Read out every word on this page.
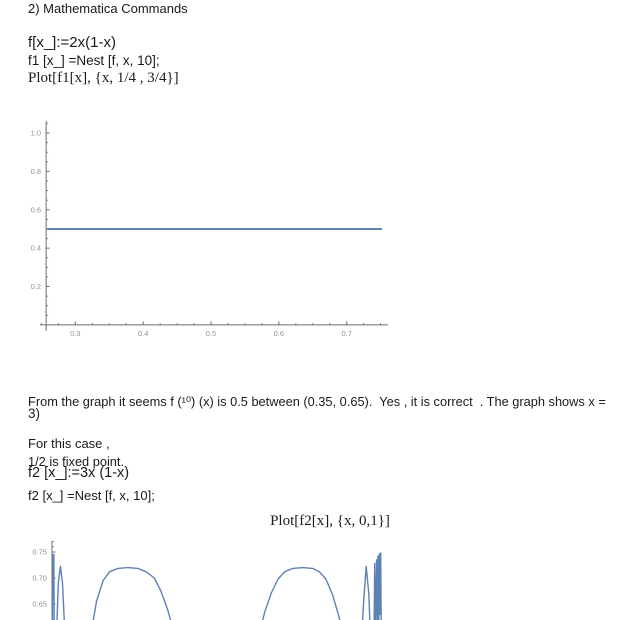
2) Mathematica Commands
f[x_]:=2x(1-x)
f1 [x_] =Nest [f, x, 10];
Plot[f1[x], {x, 1/4 , 3/4}]
0.3	0.4	0.5	0.6	0.7
0.2
0.4
0.6
0.8
1.0

From the graph it seems f (¹⁰) (x) is 0.5 between (0.35, 0.65).  Yes , it is correct  . The graph shows x =

1/2 is fixed point.

3)
For this case ,
f2 [x_]:=3x (1-x)
f2 [x_] =Nest [f, x, 10];
Plot[f2[x], {x, 0,1}]
0.65
0.70
0.75
